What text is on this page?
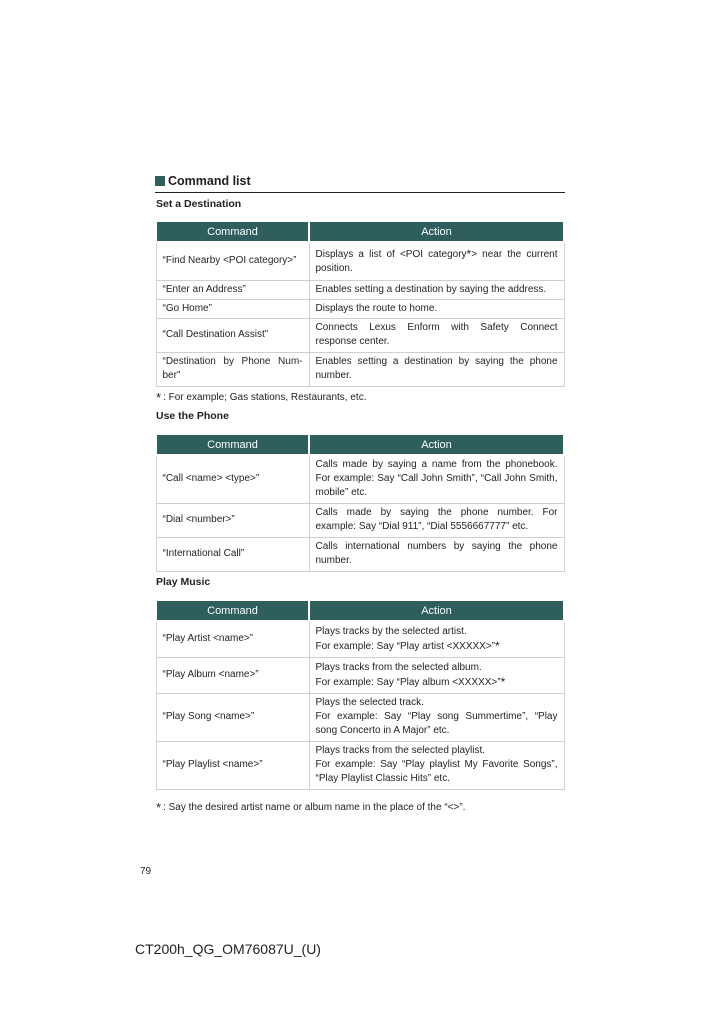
Command list
Set a Destination
Command	Action
“Find Nearby <POI category>”	Displays a list of <POI category*> near the current position.
“Enter an Address”	Enables setting a destination by saying the address.
“Go Home”	Displays the route to home.
“Call Destination Assist”	Connects Lexus Enform with Safety Connect response center.
“Destination by Phone Num-ber”	Enables setting a destination by saying the phone number.
* : For example; Gas stations, Restaurants, etc.
Use the Phone
Command	Action
“Call <name> <type>”	Calls made by saying a name from the phonebook. For example: Say “Call John Smith”, “Call John Smith, mobile” etc.
“Dial <number>”	Calls made by saying the phone number. For example: Say “Dial 911”, “Dial 5556667777” etc.
“International Call”	Calls international numbers by saying the phone number.
Play Music
Command	Action
“Play Artist <name>”	Plays tracks by the selected artist.
For example: Say “Play artist <XXXXX>”*

“Play Album <name>”	Plays tracks from the selected album.
For example: Say “Play album <XXXXX>”*

“Play Song <name>”	Plays the selected track.
For example: Say “Play song Summertime”, “Play song Concerto in A Major” etc.

“Play Playlist <name>”	Plays tracks from the selected playlist.
For example: Say “Play playlist My Favorite Songs”, “Play Playlist Classic Hits” etc.
* : Say the desired artist name or album name in the place of the “<>”.
79
CT200h_QG_OM76087U_(U)
